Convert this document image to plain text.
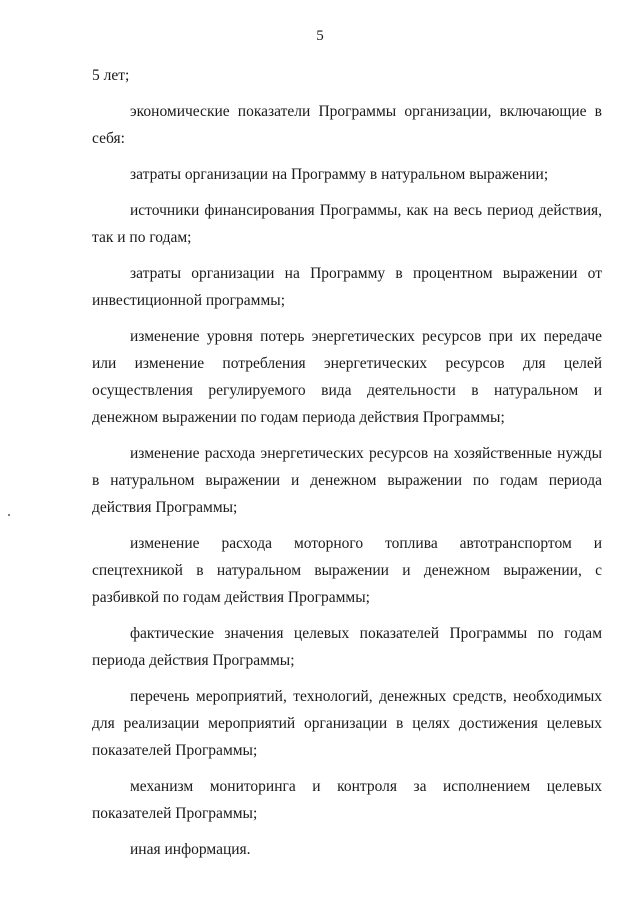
5

5 лет;

экономические показатели Программы организации, включающие в себя:

затраты организации на Программу в натуральном выражении;

источники финансирования Программы, как на весь период действия, так и по годам;

затраты организации на Программу в процентном выражении от инвестиционной программы;

изменение уровня потерь энергетических ресурсов при их передаче или изменение потребления энергетических ресурсов для целей осуществления регулируемого вида деятельности в натуральном и денежном выражении по годам периода действия Программы;

изменение расхода энергетических ресурсов на хозяйственные нужды в натуральном выражении и денежном выражении по годам периода действия Программы;

изменение расхода моторного топлива автотранспортом и спецтехникой в натуральном выражении и денежном выражении, с разбивкой по годам действия Программы;

фактические значения целевых показателей Программы по годам периода действия Программы;

перечень мероприятий, технологий, денежных средств, необходимых для реализации мероприятий организации в целях достижения целевых показателей Программы;

механизм мониторинга и контроля за исполнением целевых показателей Программы;

иная информация.
